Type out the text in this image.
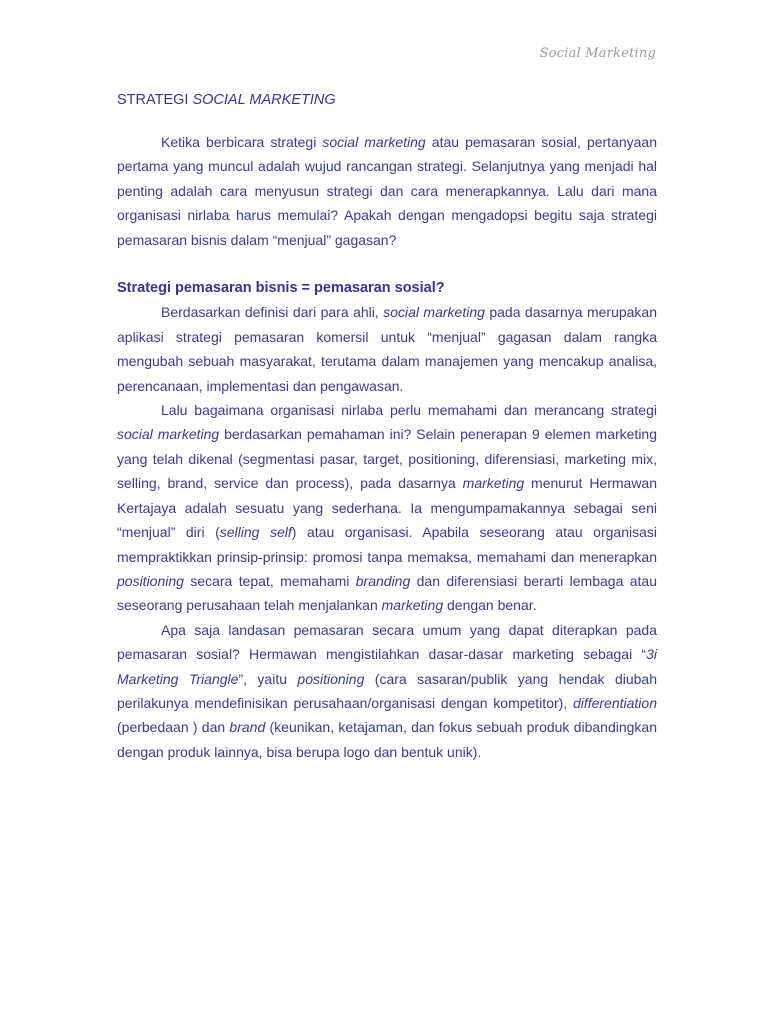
Social Marketing
STRATEGI SOCIAL MARKETING

Ketika berbicara strategi social marketing atau pemasaran sosial, pertanyaan pertama yang muncul adalah wujud rancangan strategi. Selanjutnya yang menjadi hal penting adalah cara menyusun strategi dan cara menerapkannya. Lalu dari mana organisasi nirlaba harus memulai? Apakah dengan mengadopsi begitu saja strategi pemasaran bisnis dalam “menjual” gagasan?

Strategi pemasaran bisnis = pemasaran sosial?

Berdasarkan definisi dari para ahli, social marketing pada dasarnya merupakan aplikasi strategi pemasaran komersil untuk “menjual” gagasan dalam rangka mengubah sebuah masyarakat, terutama dalam manajemen yang mencakup analisa, perencanaan, implementasi dan pengawasan.

Lalu bagaimana organisasi nirlaba perlu memahami dan merancang strategi social marketing berdasarkan pemahaman ini? Selain penerapan 9 elemen marketing yang telah dikenal (segmentasi pasar, target, positioning, diferensiasi, marketing mix, selling, brand, service dan process), pada dasarnya marketing menurut Hermawan Kertajaya adalah sesuatu yang sederhana. Ia mengumpamakannya sebagai seni “menjual” diri (selling self) atau organisasi. Apabila seseorang atau organisasi mempraktikkan prinsip-prinsip: promosi tanpa memaksa, memahami dan menerapkan positioning secara tepat, memahami branding dan diferensiasi berarti lembaga atau seseorang perusahaan telah menjalankan marketing dengan benar.

Apa saja landasan pemasaran secara umum yang dapat diterapkan pada pemasaran sosial? Hermawan mengistilahkan dasar-dasar marketing sebagai “3i Marketing Triangle”, yaitu positioning (cara sasaran/publik yang hendak diubah perilakunya mendefinisikan perusahaan/organisasi dengan kompetitor), differentiation (perbedaan ) dan brand (keunikan, ketajaman, dan fokus sebuah produk dibandingkan dengan produk lainnya, bisa berupa logo dan bentuk unik).
